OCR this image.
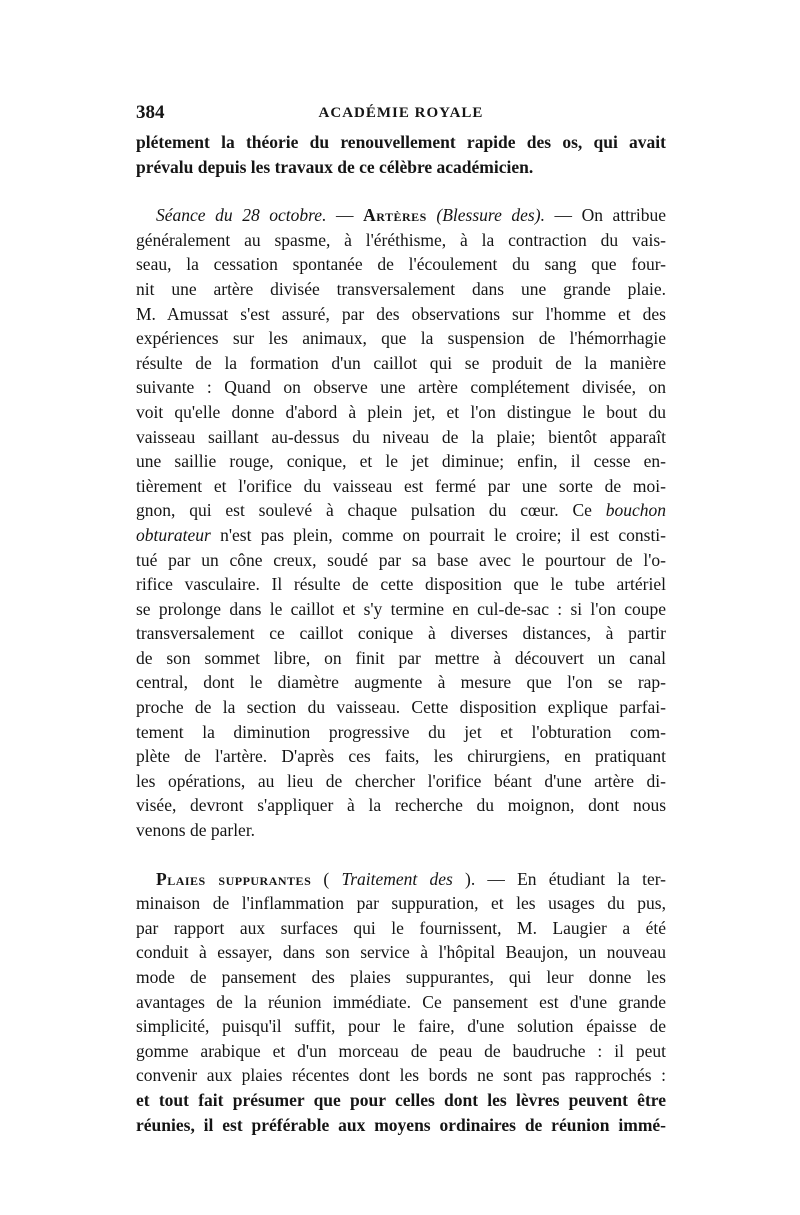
384	ACADÉMIE ROYALE
plétement la théorie du renouvellement rapide des os, qui avait
prévalu depuis les travaux de ce célèbre académicien.
Séance du 28 octobre. — Artères (Blessure des). — On attribue
généralement au spasme, à l'éréthisme, à la contraction du vais-
seau, la cessation spontanée de l'écoulement du sang que four-
nit une artère divisée transversalement dans une grande plaie.
M. Amussat s'est assuré, par des observations sur l'homme et des
expériences sur les animaux, que la suspension de l'hémorrhagie
résulte de la formation d'un caillot qui se produit de la manière
suivante : Quand on observe une artère complétement divisée, on
voit qu'elle donne d'abord à plein jet, et l'on distingue le bout du
vaisseau saillant au-dessus du niveau de la plaie; bientôt apparaît
une saillie rouge, conique, et le jet diminue; enfin, il cesse en-
tièrement et l'orifice du vaisseau est fermé par une sorte de moi-
gnon, qui est soulevé à chaque pulsation du cœur. Ce bouchon
obturateur n'est pas plein, comme on pourrait le croire; il est consti-
tué par un cône creux, soudé par sa base avec le pourtour de l'o-
rifice vasculaire. Il résulte de cette disposition que le tube artériel
se prolonge dans le caillot et s'y termine en cul-de-sac : si l'on coupe
transversalement ce caillot conique à diverses distances, à partir
de son sommet libre, on finit par mettre à découvert un canal
central, dont le diamètre augmente à mesure que l'on se rap-
proche de la section du vaisseau. Cette disposition explique parfai-
tement la diminution progressive du jet et l'obturation com-
plète de l'artère. D'après ces faits, les chirurgiens, en pratiquant
les opérations, au lieu de chercher l'orifice béant d'une artère di-
visée, devront s'appliquer à la recherche du moignon, dont nous
venons de parler.
Plaies suppurantes ( Traitement des ). — En étudiant la ter-
minaison de l'inflammation par suppuration, et les usages du pus,
par rapport aux surfaces qui le fournissent, M. Laugier a été
conduit à essayer, dans son service à l'hôpital Beaujon, un nouveau
mode de pansement des plaies suppurantes, qui leur donne les
avantages de la réunion immédiate. Ce pansement est d'une grande
simplicité, puisqu'il suffit, pour le faire, d'une solution épaisse de
gomme arabique et d'un morceau de peau de baudruche : il peut
convenir aux plaies récentes dont les bords ne sont pas rapprochés :
et tout fait présumer que pour celles dont les lèvres peuvent être
réunies, il est préférable aux moyens ordinaires de réunion immé-
